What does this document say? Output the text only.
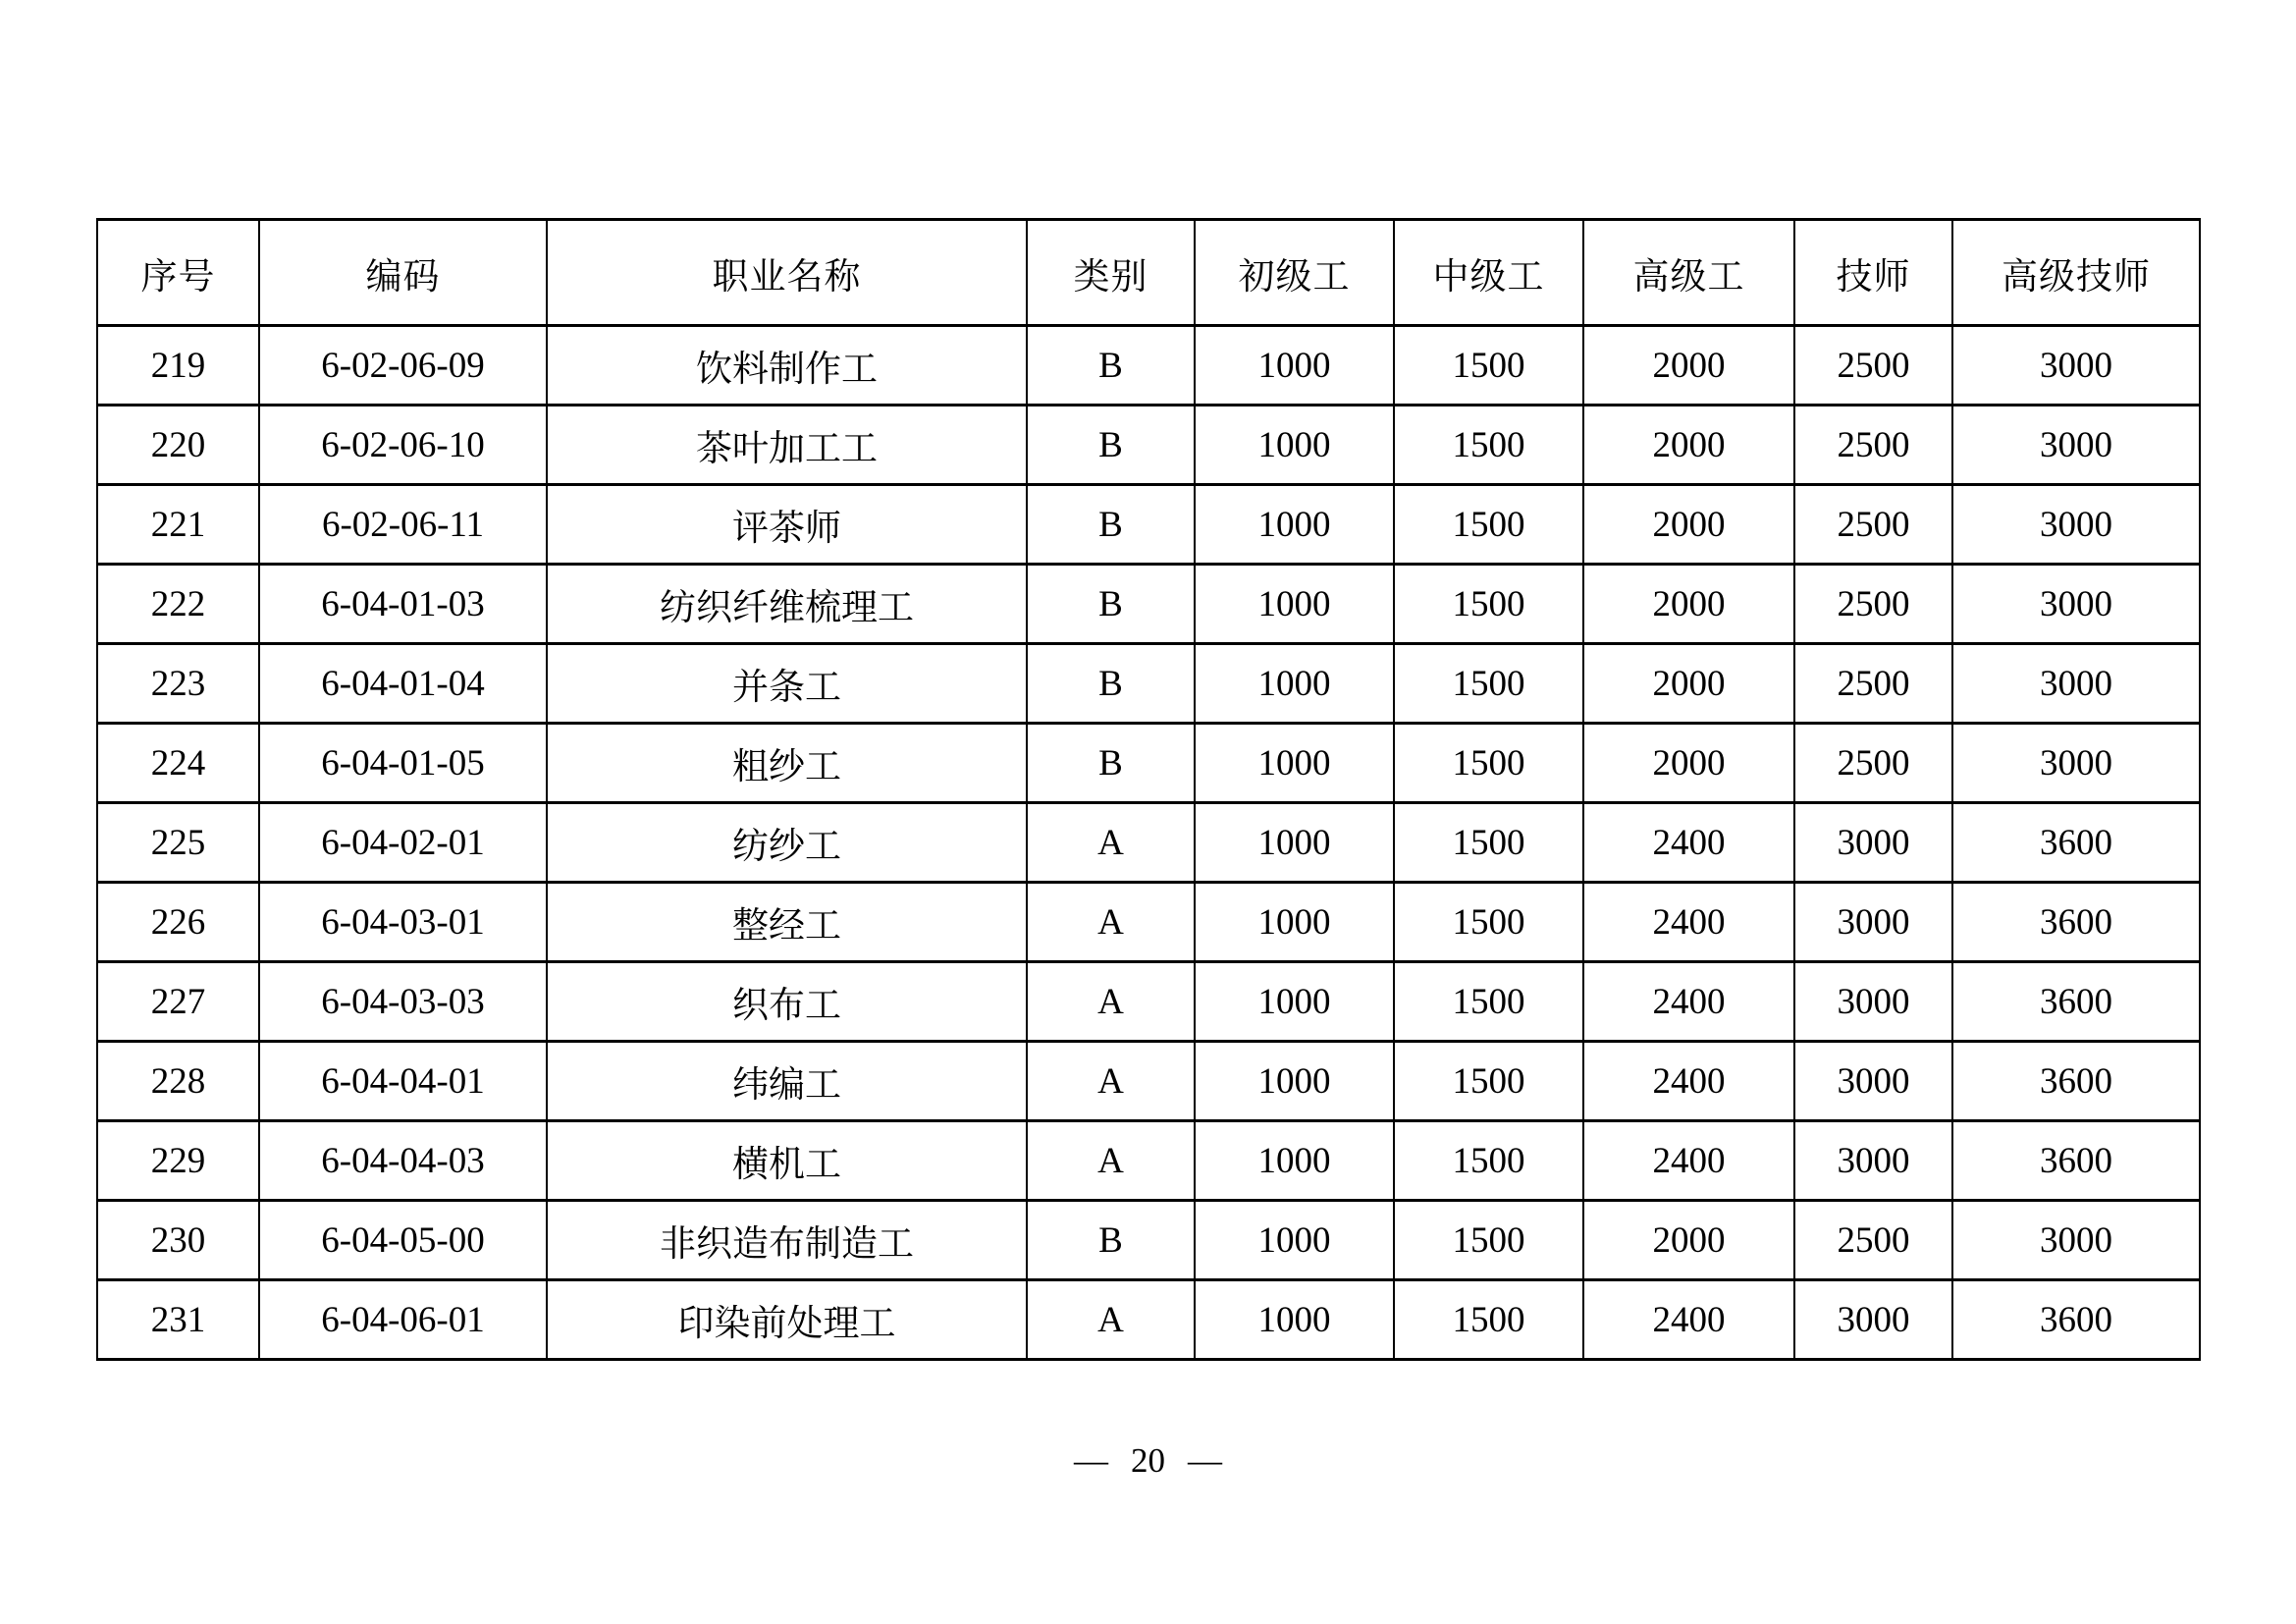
序号	编码	职业名称	类别	初级工	中级工	高级工	技师	高级技师
219	6-02-06-09	饮料制作工	B	1000	1500	2000	2500	3000
220	6-02-06-10	茶叶加工工	B	1000	1500	2000	2500	3000
221	6-02-06-11	评茶师	B	1000	1500	2000	2500	3000
222	6-04-01-03	纺织纤维梳理工	B	1000	1500	2000	2500	3000
223	6-04-01-04	并条工	B	1000	1500	2000	2500	3000
224	6-04-01-05	粗纱工	B	1000	1500	2000	2500	3000
225	6-04-02-01	纺纱工	A	1000	1500	2400	3000	3600
226	6-04-03-01	整经工	A	1000	1500	2400	3000	3600
227	6-04-03-03	织布工	A	1000	1500	2400	3000	3600
228	6-04-04-01	纬编工	A	1000	1500	2400	3000	3600
229	6-04-04-03	横机工	A	1000	1500	2400	3000	3600
230	6-04-05-00	非织造布制造工	B	1000	1500	2000	2500	3000
231	6-04-06-01	印染前处理工	A	1000	1500	2400	3000	3600
— 20 —
